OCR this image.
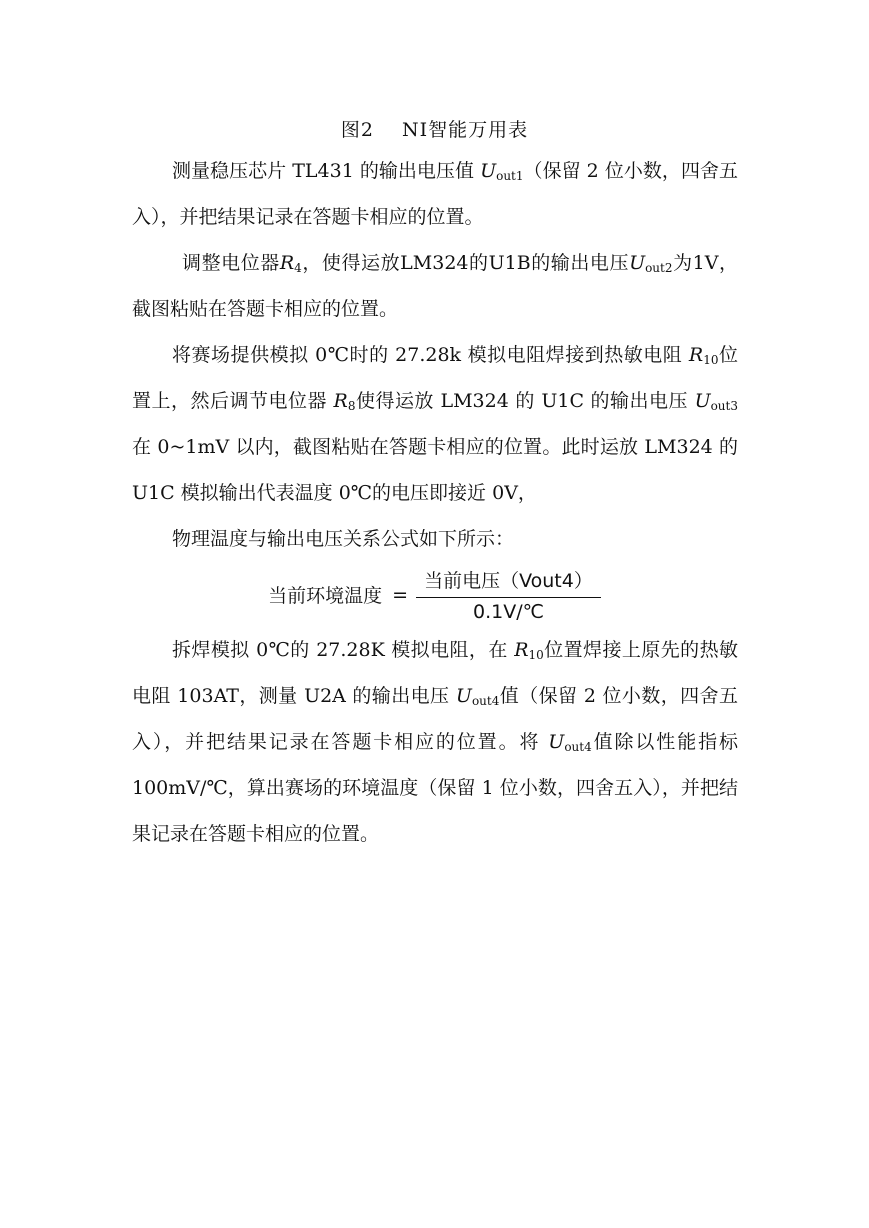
图2 NI智能万用表

测量稳压芯片 TL431 的输出电压值 $U_{out1}$（保留 2 位小数，四舍五入），并把结果记录在答题卡相应的位置。

调整电位器$R_4$，使得运放LM324的U1B的输出电压$U_{out2}$为1V，截图粘贴在答题卡相应的位置。

将赛场提供模拟 0℃时的 27.28k 模拟电阻焊接到热敏电阻 $R_{10}$位置上，然后调节电位器 $R_8$使得运放 LM324 的 U1C 的输出电压 $U_{out3}$在 0~1mV 以内，截图粘贴在答题卡相应的位置。此时运放 LM324 的 U1C 模拟输出代表温度 0℃的电压即接近 0V，

物理温度与输出电压关系公式如下所示：

当前环境温度 = $\frac{\text{当前电压（Vout4）}}{0.1V/℃}$

拆焊模拟 0℃的 27.28K 模拟电阻，在 $R_{10}$位置焊接上原先的热敏电阻 103AT，测量 U2A 的输出电压 $U_{out4}$值（保留 2 位小数，四舍五入），并把结果记录在答题卡相应的位置。将 $U_{out4}$值除以性能指标 100mV/℃，算出赛场的环境温度（保留 1 位小数，四舍五入），并把结果记录在答题卡相应的位置。
